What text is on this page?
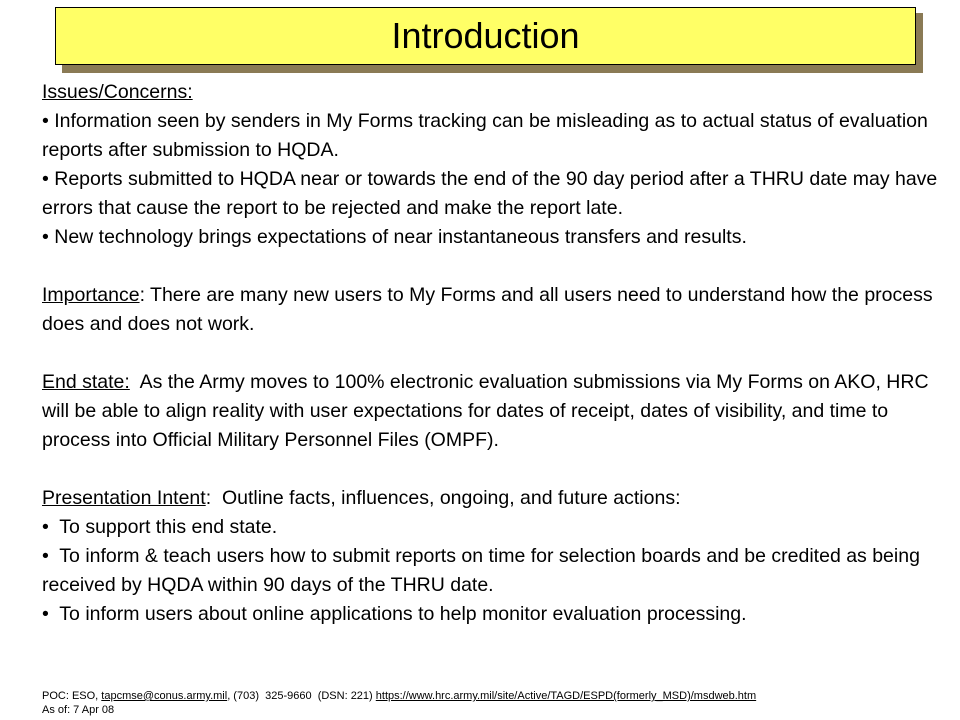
Introduction

Issues/Concerns:

• Information seen by senders in My Forms tracking can be misleading as to actual status of evaluation reports after submission to HQDA.

• Reports submitted to HQDA near or towards the end of the 90 day period after a THRU date may have errors that cause the report to be rejected and make the report late.

• New technology brings expectations of near instantaneous transfers and results.

Importance: There are many new users to My Forms and all users need to understand how the process does and does not work.

End state:  As the Army moves to 100% electronic evaluation submissions via My Forms on AKO, HRC will be able to align reality with user expectations for dates of receipt, dates of visibility, and time to process into Official Military Personnel Files (OMPF).

Presentation Intent:  Outline facts, influences, ongoing, and future actions:

•  To support this end state.

•  To inform & teach users how to submit reports on time for selection boards and be credited as being received by HQDA within 90 days of the THRU date.

•  To inform users about online applications to help monitor evaluation processing.

POC: ESO, tapcmse@conus.army.mil, (703)  325-9660  (DSN: 221) https://www.hrc.army.mil/site/Active/TAGD/ESPD(formerly_MSD)/msdweb.htm
As of: 7 Apr 08
